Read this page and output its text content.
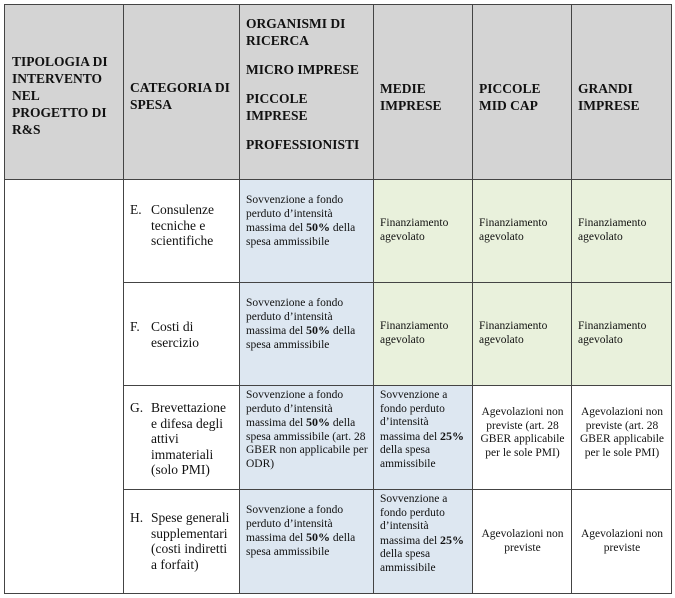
TIPOLOGIA DI INTERVENTO NEL PROGETTO DI R&S	CATEGORIA DI SPESA	ORGANISMI DI RICERCA
MICRO IMPRESE
PICCOLE IMPRESE
PROFESSIONISTI	MEDIE IMPRESE	PICCOLE MID CAP	GRANDI IMPRESE

	E. Consulenze tecniche e scientifiche	Sovvenzione a fondo perduto d’intensità massima del 50% della spesa ammissibile	Finanziamento agevolato	Finanziamento agevolato	Finanziamento agevolato

	F. Costi di esercizio	Sovvenzione a fondo perduto d’intensità massima del 50% della spesa ammissibile	Finanziamento agevolato	Finanziamento agevolato	Finanziamento agevolato

	G. Brevettazione e difesa degli attivi immateriali (solo PMI)	Sovvenzione a fondo perduto d’intensità massima del 50% della spesa ammissibile (art. 28 GBER non applicabile per ODR)	Sovvenzione a fondo perduto d’intensità massima del 25% della spesa ammissibile	Agevolazioni non previste (art. 28 GBER applicabile per le sole PMI)	Agevolazioni non previste (art. 28 GBER applicabile per le sole PMI)

	H. Spese generali supplementari (costi indiretti a forfait)	Sovvenzione a fondo perduto d’intensità massima del 50% della spesa ammissibile	Sovvenzione a fondo perduto d’intensità massima del 25% della spesa ammissibile	Agevolazioni non previste	Agevolazioni non previste
